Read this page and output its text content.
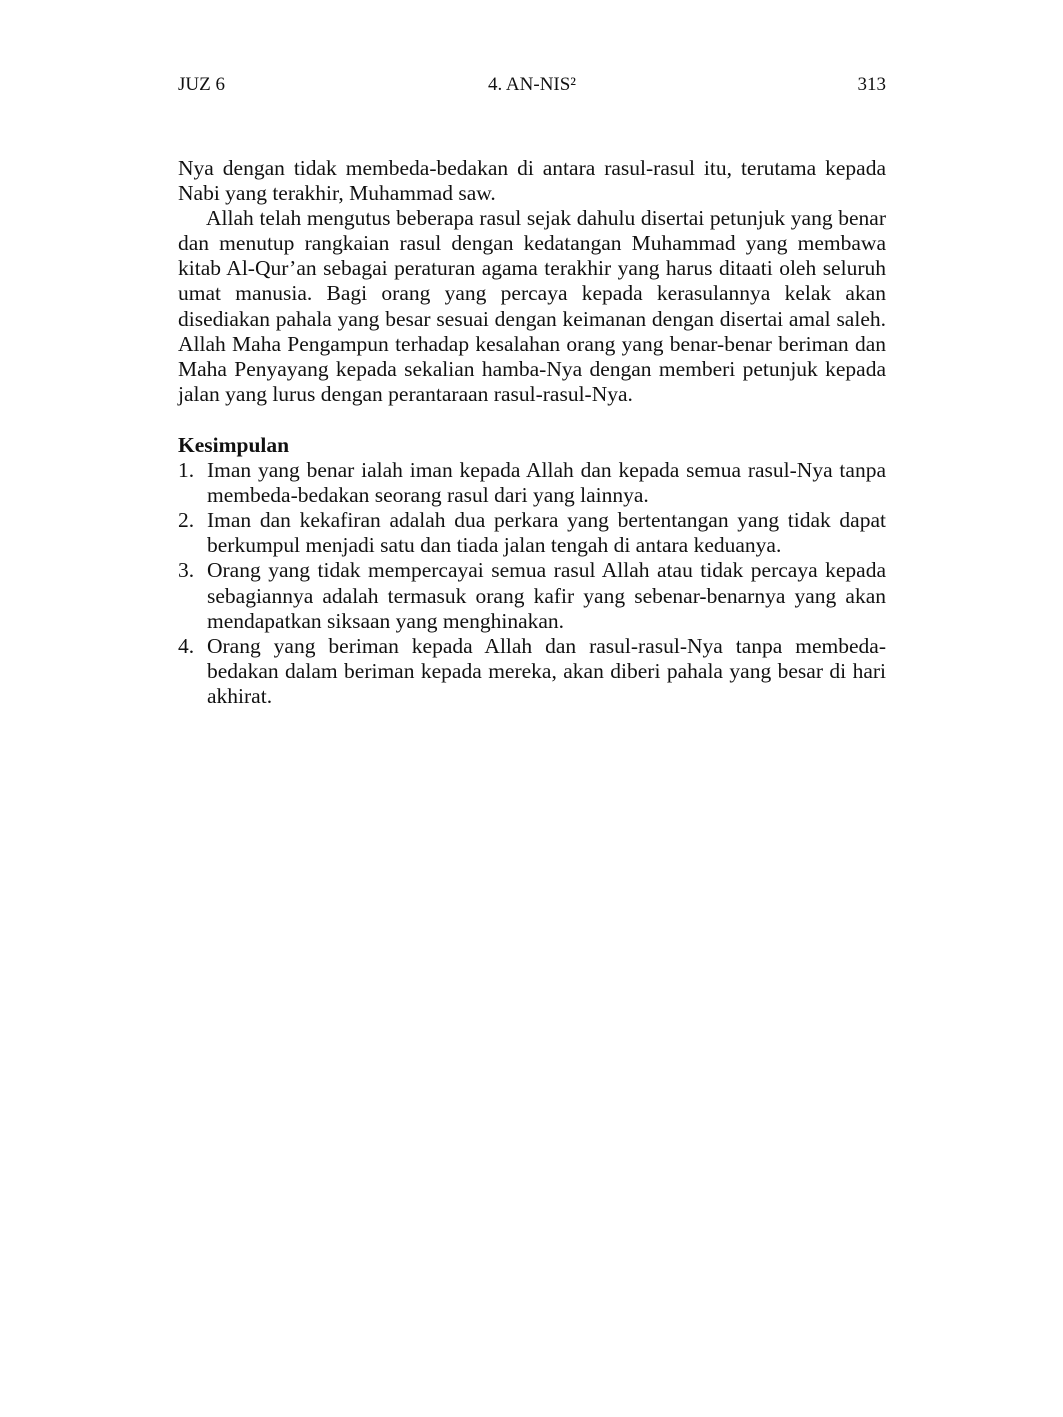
JUZ 6	4. AN-NIS²	313

Nya dengan tidak membeda-bedakan di antara rasul-rasul itu, terutama kepada Nabi yang terakhir, Muhammad saw.

Allah telah mengutus beberapa rasul sejak dahulu disertai petunjuk yang benar dan menutup rangkaian rasul dengan kedatangan Muhammad yang membawa kitab Al-Qur’an sebagai peraturan agama terakhir yang harus ditaati oleh seluruh umat manusia. Bagi orang yang percaya kepada kerasulannya kelak akan disediakan pahala yang besar sesuai dengan keimanan dengan disertai amal saleh. Allah Maha Pengampun terhadap kesalahan orang yang benar-benar beriman dan Maha Penyayang kepada sekalian hamba-Nya dengan memberi petunjuk kepada jalan yang lurus dengan perantaraan rasul-rasul-Nya.

Kesimpulan
1. Iman yang benar ialah iman kepada Allah dan kepada semua rasul-Nya tanpa membeda-bedakan seorang rasul dari yang lainnya.
2. Iman dan kekafiran adalah dua perkara yang bertentangan yang tidak dapat berkumpul menjadi satu dan tiada jalan tengah di antara keduanya.
3. Orang yang tidak mempercayai semua rasul Allah atau tidak percaya kepada sebagiannya adalah termasuk orang kafir yang sebenar-benarnya yang akan mendapatkan siksaan yang menghinakan.
4. Orang yang beriman kepada Allah dan rasul-rasul-Nya tanpa membeda-bedakan dalam beriman kepada mereka, akan diberi pahala yang besar di hari akhirat.
